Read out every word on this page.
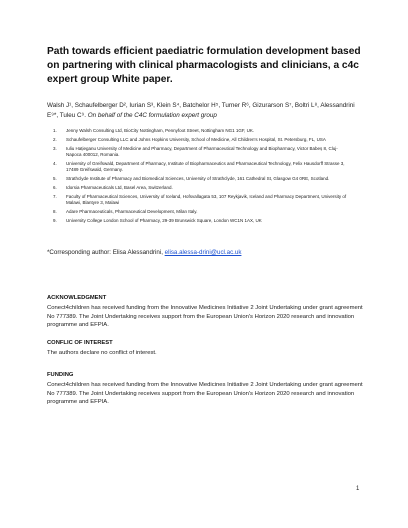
Path towards efficient paediatric formulation development based on partnering with clinical pharmacologists and clinicians, a c4c expert group White paper.
Walsh J¹, Schaufelberger D², Iurian S³, Klein S⁴, Batchelor H⁵, Turner R⁶, Gizurarson S⁷, Boltri L⁸, Alessandrini E⁹*, Tuleu C⁹. On behalf of the C4C formulation expert group
1. Jenny Walsh Consulting Ltd, BioCity Nottingham, Pennyfoot Street, Nottingham NG1 1GF, UK.
2. Schaufelberger Consulting LLC and Johns Hopkins University, School of Medicine, All Children's Hospital, St. Petersburg, FL, USA
3. Iuliu Hațieganu University of Medicine and Pharmacy, Department of Pharmaceutical Technology and Biopharmacy, Victor Babeș 8, Cluj-Napoca 400012, Romania.
4. University of Greifswald, Department of Pharmacy, Institute of Biopharmaceutics and Pharmaceutical Technology, Felix Hausdorff Strasse 3, 17489 Greifswald, Germany.
5. Strathclyde Institute of Pharmacy and Biomedical Sciences, University of Strathclyde, 161 Cathedral St, Glasgow G4 0RE, Scotland.
6. Idorsia Pharmaceuticals Ltd, Basel Area, Switzerland.
7. Faculty of Pharmaceutical Sciences, University of Iceland, Hofsvallagata 53, 107 Reykjavik, Iceland and Pharmacy Department, University of Malawi, Blantyre 3, Malawi
8. Adare Pharmaceuticals, Pharmaceutical Development, Milan Italy.
9. University College London School of Pharmacy, 29-39 Brunswick Square, London WC1N 1AX, UK
*Corresponding author: Elisa Alessandrini, elisa.alessa-drini@ucl.ac.uk
ACKNOWLEDGMENT
Conect4children has received funding from the Innovative Medicines Initiative 2 Joint Undertaking under grant agreement No 777389. The Joint Undertaking receives support from the European Union's Horizon 2020 research and innovation programme and EFPIA.
CONFLIC OF INTEREST
The authors declare no conflict of interest.
FUNDING
Conect4children has received funding from the Innovative Medicines Initiative 2 Joint Undertaking under grant agreement No 777389. The Joint Undertaking receives support from the European Union's Horizon 2020 research and innovation programme and EFPIA.
1
